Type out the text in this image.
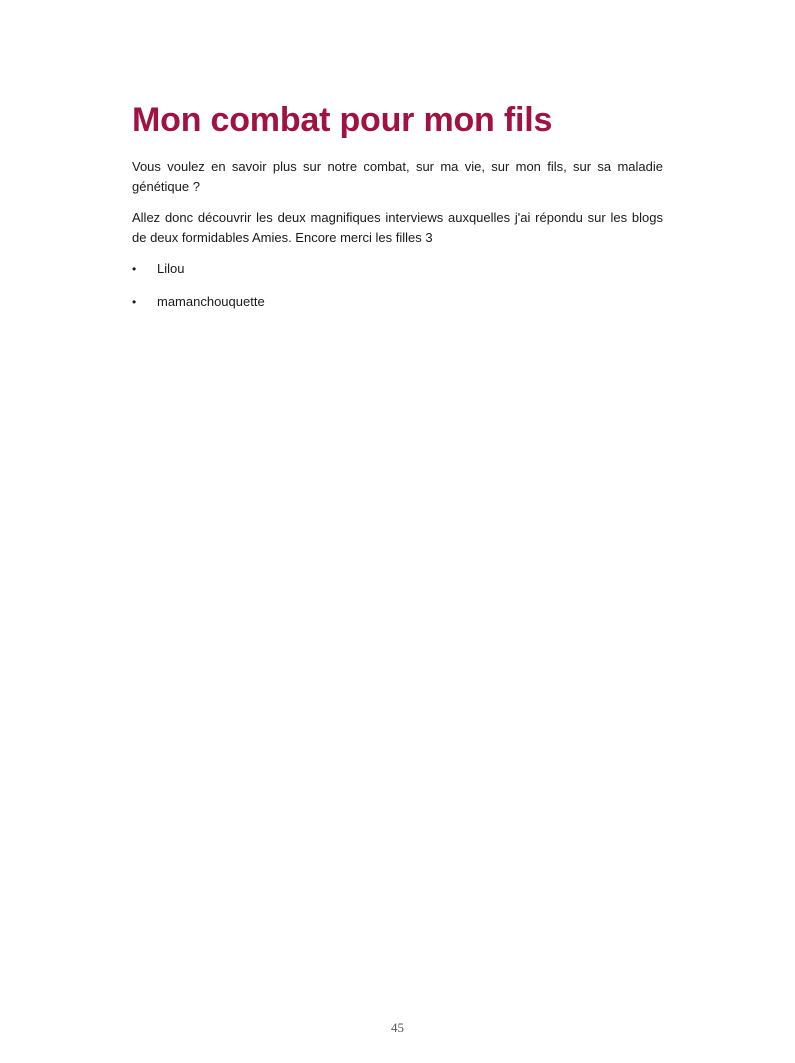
Mon combat pour mon fils

Vous voulez en savoir plus sur notre combat, sur ma vie, sur mon fils, sur sa maladie génétique ?

Allez donc découvrir les deux magnifiques interviews auxquelles j'ai répondu sur les blogs de deux formidables Amies. Encore merci les filles 3

•	Lilou
•	mamanchouquette
45
